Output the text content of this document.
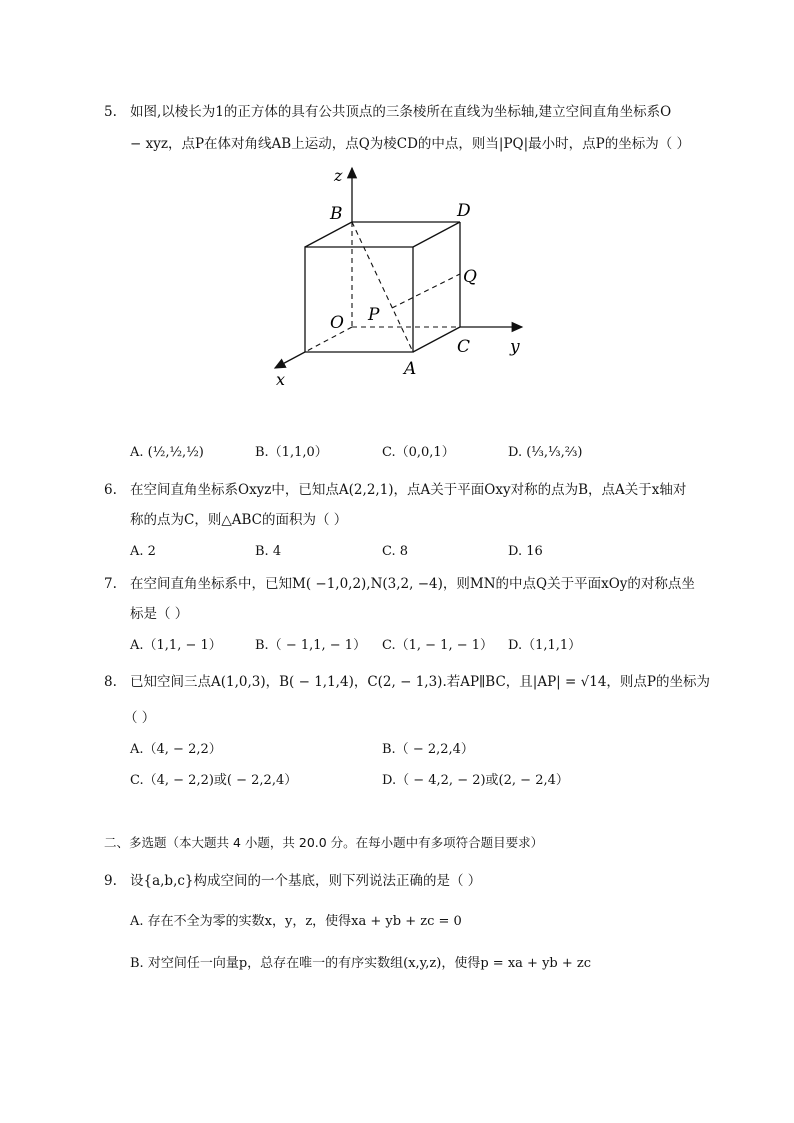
5. 如图,以棱长为1的正方体的具有公共顶点的三条棱所在直线为坐标轴,建立空间直角坐标系O
− xyz，点P在体对角线AB上运动，点Q为棱CD的中点，则当|PQ|最小时，点P的坐标为（ ）
z
B	D
Q
O P
C y
A
x
A. (½,½,½)	B.（1,1,0）	C.（0,0,1）	D. (⅓,⅓,⅔)
6. 在空间直角坐标系Oxyz中，已知点A(2,2,1)，点A关于平面Oxy对称的点为B，点A关于x轴对
称的点为C，则△ABC的面积为（ ）
A. 2	B. 4	C. 8	D. 16
7. 在空间直角坐标系中，已知M( −1,0,2),N(3,2, −4)，则MN的中点Q关于平面xOy的对称点坐
标是（ ）
A.（1,1, − 1）	B.（ − 1,1, − 1） C.（1, − 1, − 1） D.（1,1,1）
8. 已知空间三点A(1,0,3)，B( − 1,1,4)，C(2, − 1,3).若AP∥BC，且|AP| = √14，则点P的坐标为
（ ）
A.（4, − 2,2）	B.（ − 2,2,4）
C.（4, − 2,2)或( − 2,2,4）	D.（ − 4,2, − 2)或(2, − 2,4）
二、多选题（本大题共 4 小题，共 20.0 分。在每小题中有多项符合题目要求）
9. 设{a,b,c}构成空间的一个基底，则下列说法正确的是（ ）
A. 存在不全为零的实数x，y，z，使得xa + yb + zc = 0
B. 对空间任一向量p，总存在唯一的有序实数组(x,y,z)，使得p = xa + yb + zc
